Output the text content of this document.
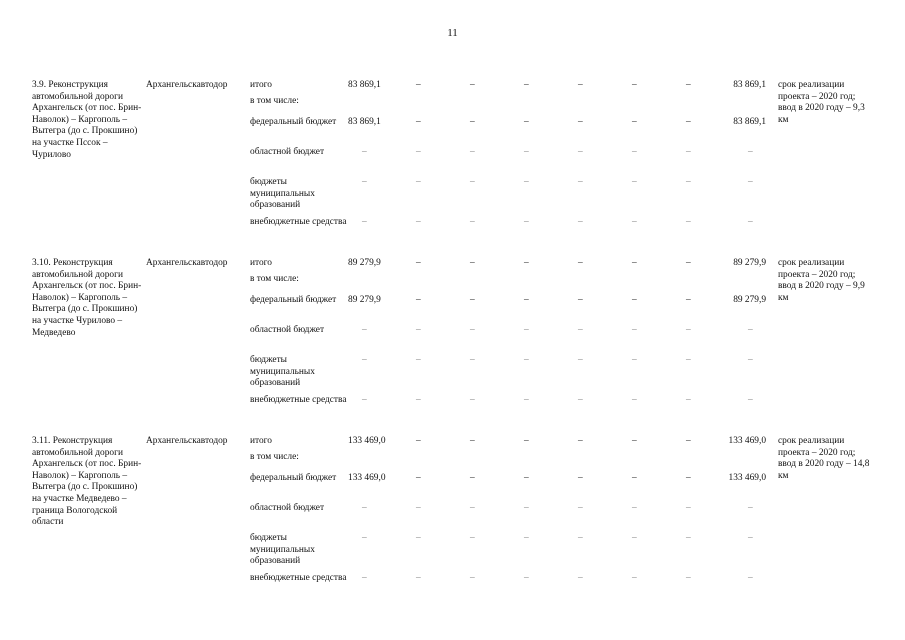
11
3.9. Реконструкция автомобильной дороги Архангельск (от пос. Брин-Наволок) – Каргополь – Вытегра (до с. Прокшино) на участке Пссок – Чурилово	Архангельскавтодор	итого	83 869,1	–	–	–	–	–	–	83 869,1	срок реализации проекта – 2020 год; ввод в 2020 году – 9,3 км
		в том числе:									
		федеральный бюджет	83 869,1	–	–	–	–	–	–	83 869,1	
		областной бюджет	–	–	–	–	–	–	–	–	
		бюджеты муниципальных образований	–	–	–	–	–	–	–	–	
		внебюджетные средства	–	–	–	–	–	–	–	–	

3.10. Реконструкция автомобильной дороги Архангельск (от пос. Брин-Наволок) – Каргополь – Вытегра (до с. Прокшино) на участке Чурилово – Медведево	Архангельскавтодор	итого	89 279,9	–	–	–	–	–	–	89 279,9	срок реализации проекта – 2020 год; ввод в 2020 году – 9,9 км
		в том числе:									
		федеральный бюджет	89 279,9	–	–	–	–	–	–	89 279,9	
		областной бюджет	–	–	–	–	–	–	–	–	
		бюджеты муниципальных образований	–	–	–	–	–	–	–	–	
		внебюджетные средства	–	–	–	–	–	–	–	–	

3.11. Реконструкция автомобильной дороги Архангельск (от пос. Брин-Наволок) – Каргополь – Вытегра (до с. Прокшино) на участке Медведево – граница Вологодской области	Архангельскавтодор	итого	133 469,0	–	–	–	–	–	–	133 469,0	срок реализации проекта – 2020 год; ввод в 2020 году – 14,8 км
		в том числе:									
		федеральный бюджет	133 469,0	–	–	–	–	–	–	133 469,0	
		областной бюджет	–	–	–	–	–	–	–	–	
		бюджеты муниципальных образований	–	–	–	–	–	–	–	–	
		внебюджетные средства	–	–	–	–	–	–	–	–	
